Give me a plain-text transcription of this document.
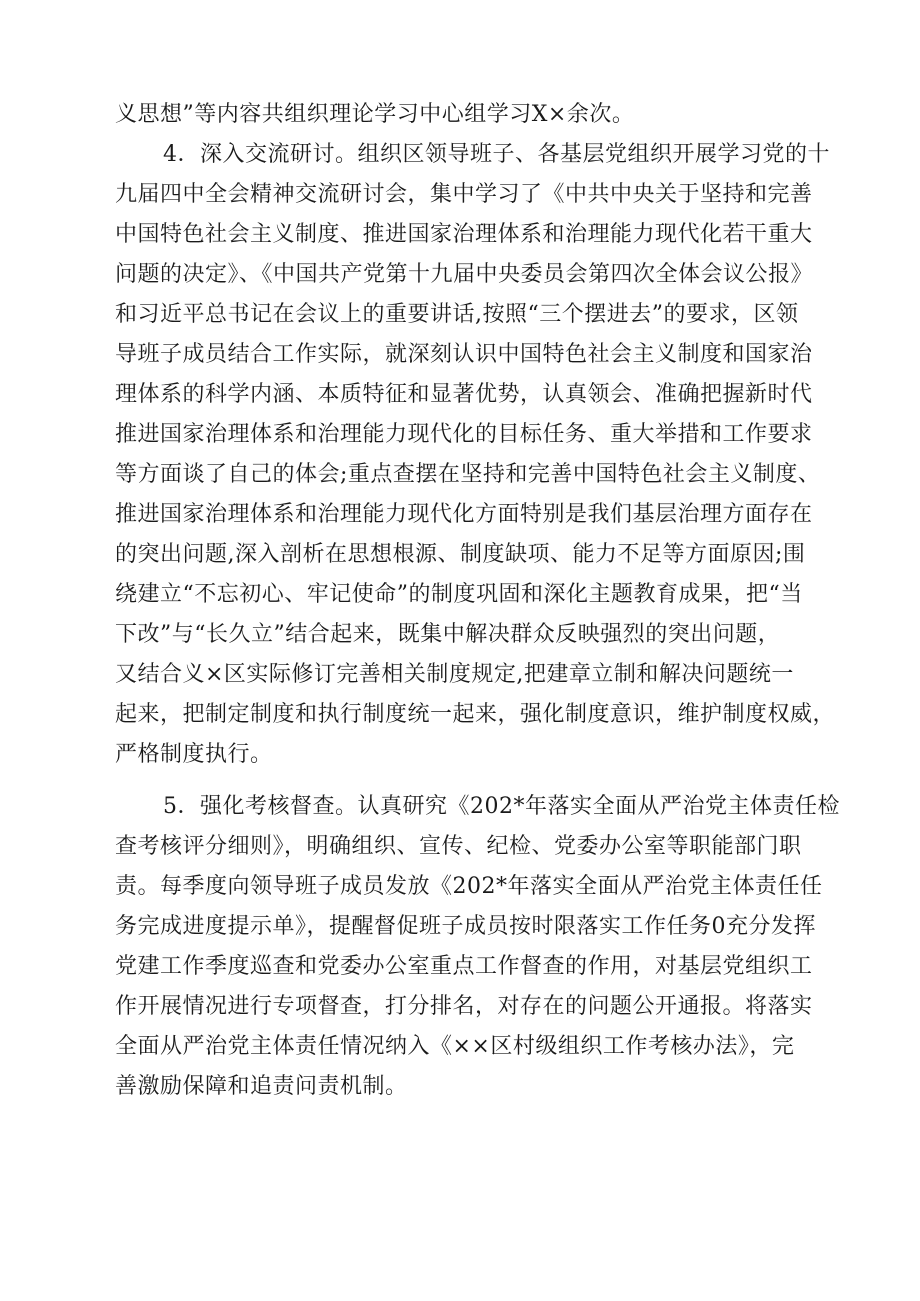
义思想”等内容共组织理论学习中心组学习X×余次。
4．深入交流研讨。组织区领导班子、各基层党组织开展学习党的十
九届四中全会精神交流研讨会，集中学习了《中共中央关于坚持和完善
中国特色社会主义制度、推进国家治理体系和治理能力现代化若干重大
问题的决定》、《中国共产党第十九届中央委员会第四次全体会议公报》
和习近平总书记在会议上的重要讲话,按照“三个摆进去”的要求，区领
导班子成员结合工作实际，就深刻认识中国特色社会主义制度和国家治
理体系的科学内涵、本质特征和显著优势，认真领会、准确把握新时代
推进国家治理体系和治理能力现代化的目标任务、重大举措和工作要求
等方面谈了自己的体会;重点查摆在坚持和完善中国特色社会主义制度、
推进国家治理体系和治理能力现代化方面特别是我们基层治理方面存在
的突出问题,深入剖析在思想根源、制度缺项、能力不足等方面原因;围
绕建立“不忘初心、牢记使命”的制度巩固和深化主题教育成果，把“当
下改”与“长久立”结合起来，既集中解决群众反映强烈的突出问题，
又结合义×区实际修订完善相关制度规定,把建章立制和解决问题统一
起来，把制定制度和执行制度统一起来，强化制度意识，维护制度权威，
严格制度执行。
5．强化考核督查。认真研究《202*年落实全面从严治党主体责任检
查考核评分细则》，明确组织、宣传、纪检、党委办公室等职能部门职
责。每季度向领导班子成员发放《202*年落实全面从严治党主体责任任
务完成进度提示单》，提醒督促班子成员按时限落实工作任务0充分发挥
党建工作季度巡查和党委办公室重点工作督查的作用，对基层党组织工
作开展情况进行专项督查，打分排名，对存在的问题公开通报。将落实
全面从严治党主体责任情况纳入《××区村级组织工作考核办法》，完
善激励保障和追责问责机制。
